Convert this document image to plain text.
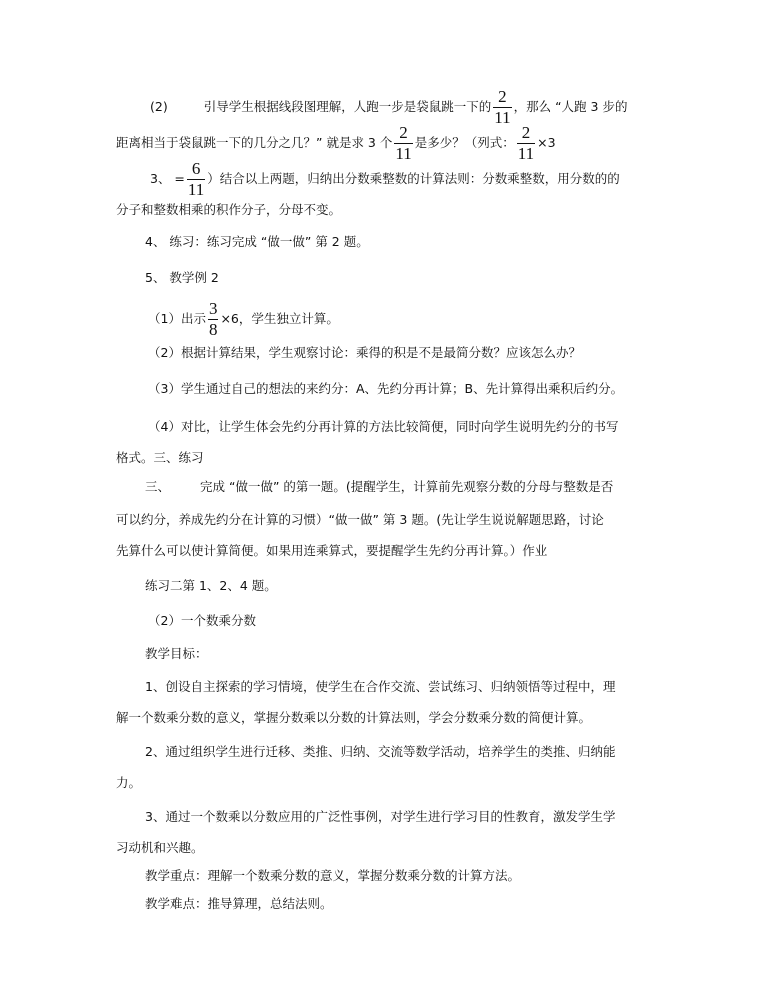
(2)	引导学生根据线段图理解，人跑一步是袋鼠跳一下的 $\frac{2}{11}$ ，那么 “人跑 3 步的
距离相当于袋鼠跳一下的几分之几？” 就是求 3 个 $\frac{2}{11}$ 是多少？（列式： $\frac{2}{11} \times 3$
3、 = $\frac{6}{11}$ ）结合以上两题，归纳出分数乘整数的计算法则：分数乘整数，用分数的的
分子和整数相乘的积作分子，分母不变。
4、 练习：练习完成 “做一做” 第 2 题。
5、 教学例 2
（1）出示 $\frac{3}{8} \times 6$，学生独立计算。
（2）根据计算结果，学生观察讨论：乘得的积是不是最简分数？应该怎么办？
（3）学生通过自己的想法的来约分：A、先约分再计算；B、先计算得出乘积后约分。
（4）对比，让学生体会先约分再计算的方法比较简便，同时向学生说明先约分的书写
格式。三、练习
三、 完成 “做一做” 的第一题。(提醒学生，计算前先观察分数的分母与整数是否
可以约分，养成先约分在计算的习惯）“做一做” 第 3 题。(先让学生说说解题思路，讨论
先算什么可以使计算简便。如果用连乘算式，要提醒学生先约分再计算。）作业
练习二第 1、2、4 题。
（2）一个数乘分数
教学目标：
1、创设自主探索的学习情境，使学生在合作交流、尝试练习、归纳领悟等过程中，理
解一个数乘分数的意义，掌握分数乘以分数的计算法则，学会分数乘分数的简便计算。
2、通过组织学生进行迁移、类推、归纳、交流等数学活动，培养学生的类推、归纳能
力。
3、通过一个数乘以分数应用的广泛性事例，对学生进行学习目的性教育，激发学生学
习动机和兴趣。
教学重点：理解一个数乘分数的意义，掌握分数乘分数的计算方法。
教学难点：推导算理，总结法则。
